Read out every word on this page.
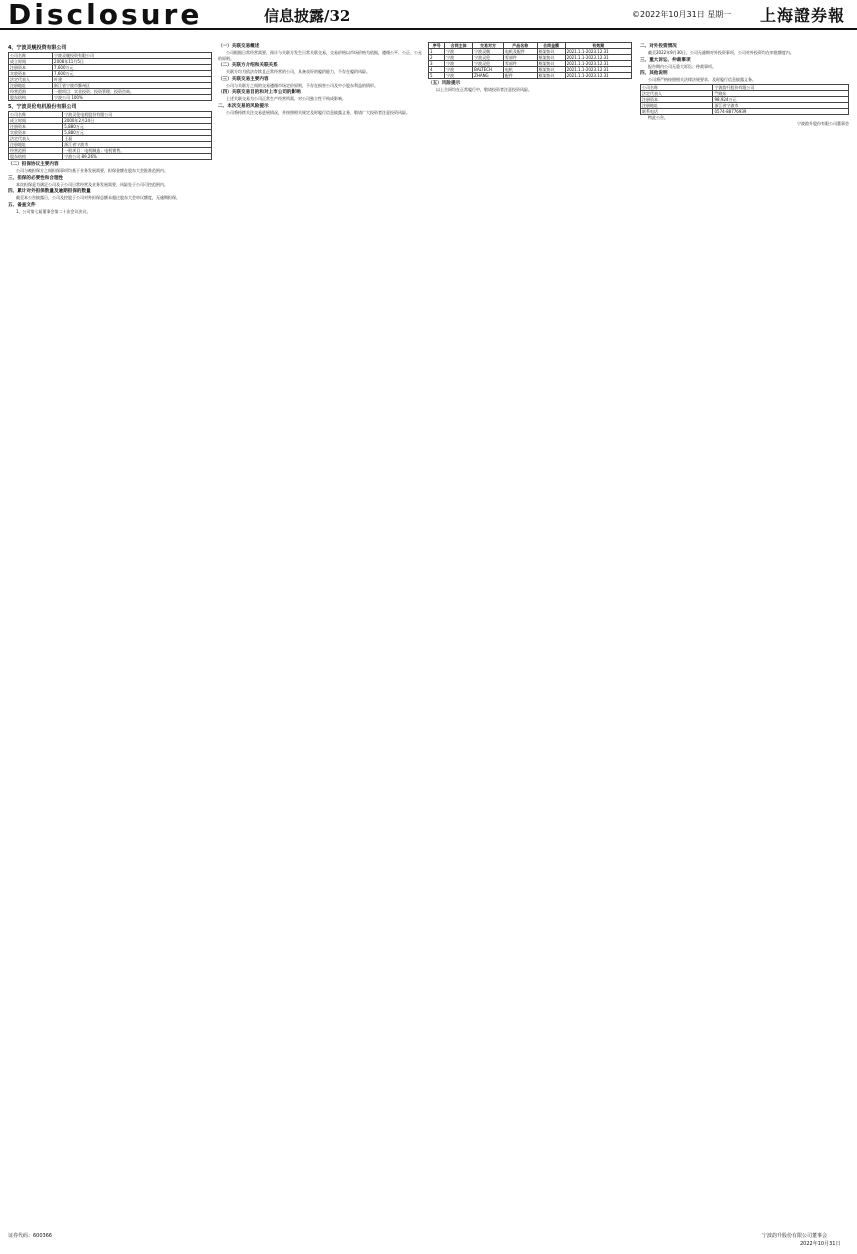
Disclosure	信息披露/32	©2022年10月31日 星期一 上海證券報
4、宁波灵舰投资有限公司
公司名称	宁波灵舰投资有限公司
成立时间	2008年11月5日
注册资本	7,600万元
实收资本	7,600万元
法定代表人	叶建
注册地址	浙江省宁波市鄞州区
经营范围	一般项目：实业投资；投资管理；投资咨询。
股东结构	宁波公司 100%
5、宁波灵伦电机股份有限公司
公司名称	宁波灵伦电机股份有限公司
成立时间	2000年2月24日
注册资本	5,880万元
实收资本	5,880万元
法定代表人	王磊
注册地址	浙江省宁波市
经营范围	一般项目：电机制造；电机销售。
股东结构	宁波公司 89.26%
（二）担保协议主要内容
公司与被担保方之间担保事项均基于业务发展需要，担保金额在股东大会批准范围内。
三、担保的必要性和合理性
本次担保是为满足公司及子公司日常经营及业务发展需要，风险处于公司可控范围内。
四、累计对外担保数量及逾期担保的数量
截至本公告披露日，公司及控股子公司对外担保总额未超过股东大会审议额度，无逾期担保。
五、备查文件
1、公司第七届董事会第二十次会议决议。
（一）关联交易概述
公司根据日常经营需要，预计与关联方发生日常关联交易，交易价格以市场价格为依据，遵循公平、公正、公允的原则。
（二）关联方介绍和关联关系
关联方均为依法存续且正常经营的公司，具备良好的履约能力，不存在履约风险。
（三）关联交易主要内容
公司与关联方之间的交易遵循市场定价原则，不存在损害公司及中小股东利益的情形。
（四）关联交易目的和对上市公司的影响
上述关联交易为公司正常生产经营所需，对公司独立性不构成影响。
二、本次交易的风险提示
公司将持续关注交易进展情况，并按照相关规定及时履行信息披露义务，敬请广大投资者注意投资风险。
序号	合同主体	交易对方	产品名称	合同金额	有效期
1	宁波	宁波灵舰	电机及配件	框架协议	2021.1.1-2023.12.31
2	宁波	宁波灵伦	零部件	框架协议	2021.1.1-2023.12.31
3	宁波	宁波灵伦	零部件	框架协议	2021.1.1-2023.12.31
4	宁波	BALTECH	电机	框架协议	2021.1.1-2023.12.31
5	宁波	ZHANG	配件	框架协议	2021.1.1-2023.12.31
（五）风险提示
以上合同均在正常履行中，敬请投资者注意投资风险。
二、对外投资情况
截至2022年9月30日，公司无逾期对外投资事项，公司对外投资均在审批额度内。
三、重大诉讼、仲裁事项
报告期内公司无重大诉讼、仲裁事项。
四、其他说明
公司将严格按照相关法律法规要求，及时履行信息披露义务。
公司名称	宁波韵升股份有限公司
法定代表人	竺晓东
注册资本	98,924万元
注册地址	浙江省宁波市
联系电话	0574-88776939
特此公告。
宁波韵升股份有限公司董事会
证券代码：600366	宁波韵升股份有限公司董事会
2022年10月31日
